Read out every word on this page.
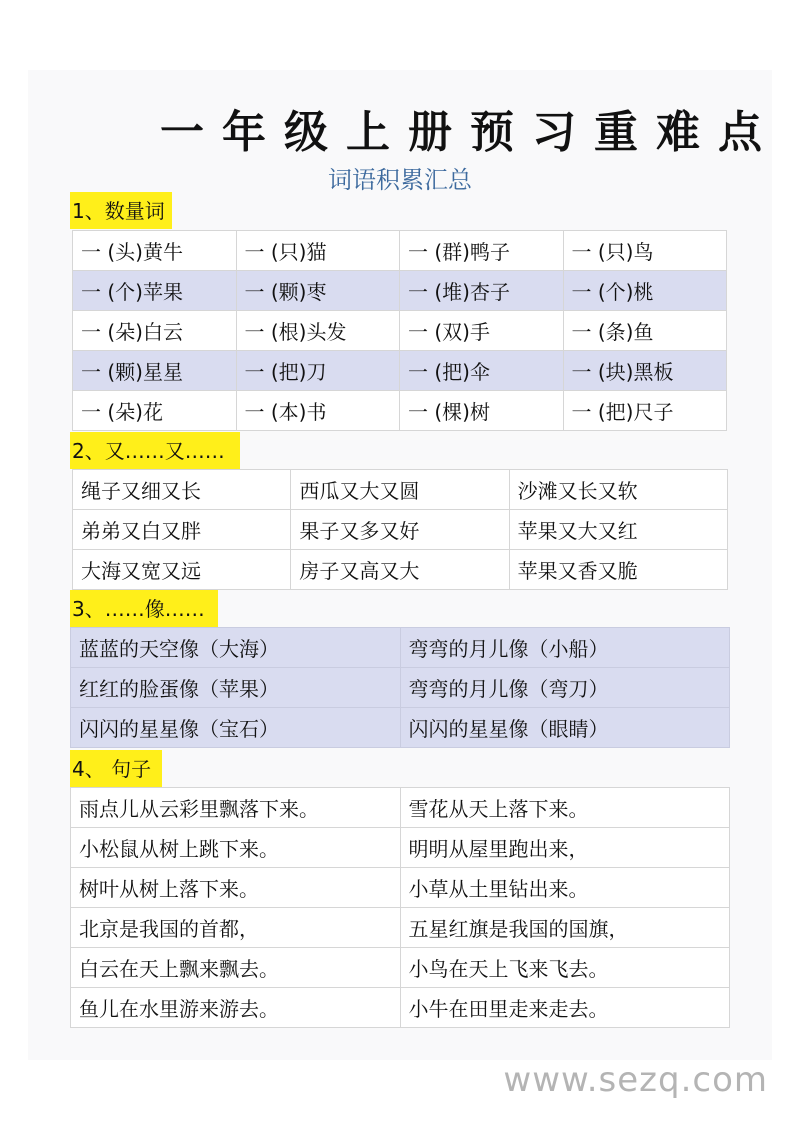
一年级上册预习重难点
词语积累汇总
1、数量词
一 (头)黄牛	一 (只)猫	一 (群)鸭子	一 (只)鸟
一 (个)苹果	一 (颗)枣	一 (堆)杏子	一 (个)桃
一 (朵)白云	一 (根)头发	一 (双)手	一 (条)鱼
一 (颗)星星	一 (把)刀	一 (把)伞	一 (块)黑板
一 (朵)花	一 (本)书	一 (棵)树	一 (把)尺子
2、又……又……
绳子又细又长	西瓜又大又圆	沙滩又长又软
弟弟又白又胖	果子又多又好	苹果又大又红
大海又宽又远	房子又高又大	苹果又香又脆
3、……像……
蓝蓝的天空像（大海）	弯弯的月儿像（小船）
红红的脸蛋像（苹果）	弯弯的月儿像（弯刀）
闪闪的星星像（宝石）	闪闪的星星像（眼睛）
4、 句子
雨点儿从云彩里飘落下来。	雪花从天上落下来。
小松鼠从树上跳下来。	明明从屋里跑出来，
树叶从树上落下来。	小草从土里钻出来。
北京是我国的首都，	五星红旗是我国的国旗，
白云在天上飘来飘去。	小鸟在天上飞来飞去。
鱼儿在水里游来游去。	小牛在田里走来走去。
www.sezq.com
